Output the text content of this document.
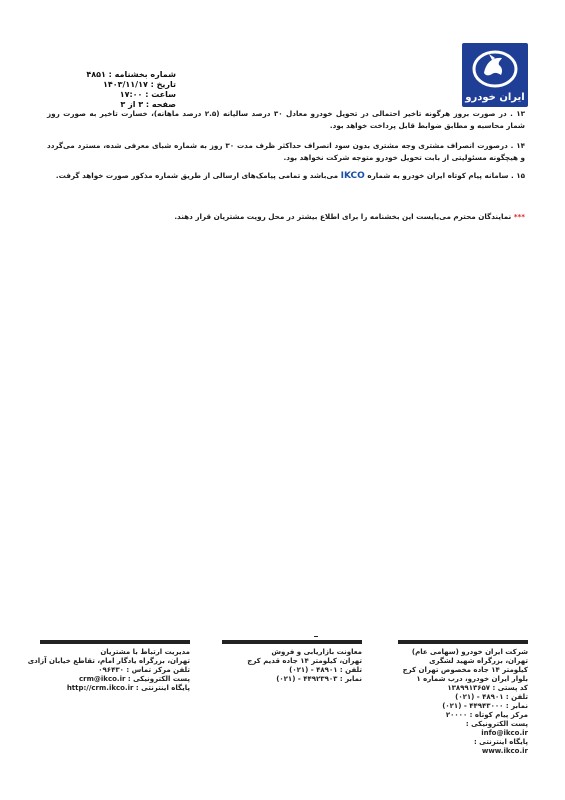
ایران خودرو
شماره بخشنامه : ۴۸۵۱
تاریخ : ۱۴۰۳/۱۱/۱۷
ساعت : ۱۷:۰۰
صفحه : ۳ از ۳
۱۳ . در صورت بروز هرگونه تاخیر احتمالی در تحویل خودرو معادل ۳۰ درصد سالیانه (۲.۵ درصد ماهانه)، خسارت تاخیر به صورت روز شمار محاسبه و مطابق ضوابط قابل پرداخت خواهد بود.
۱۴ . درصورت انصراف مشتری وجه مشتری بدون سود انصراف حداکثر ظرف مدت ۳۰ روز به شماره شبای معرفی شده، مسترد می‌گردد و هیچگونه مسئولیتی از بابت تحویل خودرو متوجه شرکت نخواهد بود.
۱۵ . سامانه پیام کوتاه ایران خودرو به شماره IKCO می‌باشد و تمامی پیامک‌های ارسالی از طریق شماره مذکور صورت خواهد گرفت.
*** نمایندگان محترم می‌بایست این بخشنامه را برای اطلاع بیشتر در محل رویت مشتریان قرار دهند.
شرکت ایران خودرو (سهامی عام)
تهران، بزرگراه شهید لشگری
کیلومتر ۱۴ جاده مخصوص تهران کرج
بلوار ایران خودرو، درب شماره ۱
کد پستی : ۱۳۸۹۹۱۳۶۵۷
تلفن : ۴۸۹۰۱ - (۰۲۱)
نمابر : ۴۴۹۴۳۰۰۰ - (۰۲۱)
مرکز پیام کوتاه : ۲۰۰۰۰
پست الکترونیکی :
info@ikco.ir
پایگاه اینترنتی :
www.ikco.ir
معاونت بازاریابی و فروش
تهران، کیلومتر ۱۴ جاده قدیم کرج
تلفن : ۴۸۹۰۱ - (۰۲۱)
نمابر : ۴۴۹۲۳۹۰۳ - (۰۲۱)
مدیریت ارتباط با مشتریان
تهران، بزرگراه یادگار امام، تقاطع خیابان آزادی
تلفن مرکز تماس : ۰۹۶۴۳۰
پست الکترونیکی : crm@ikco.ir
پایگاه اینترنتی : http://crm.ikco.ir
